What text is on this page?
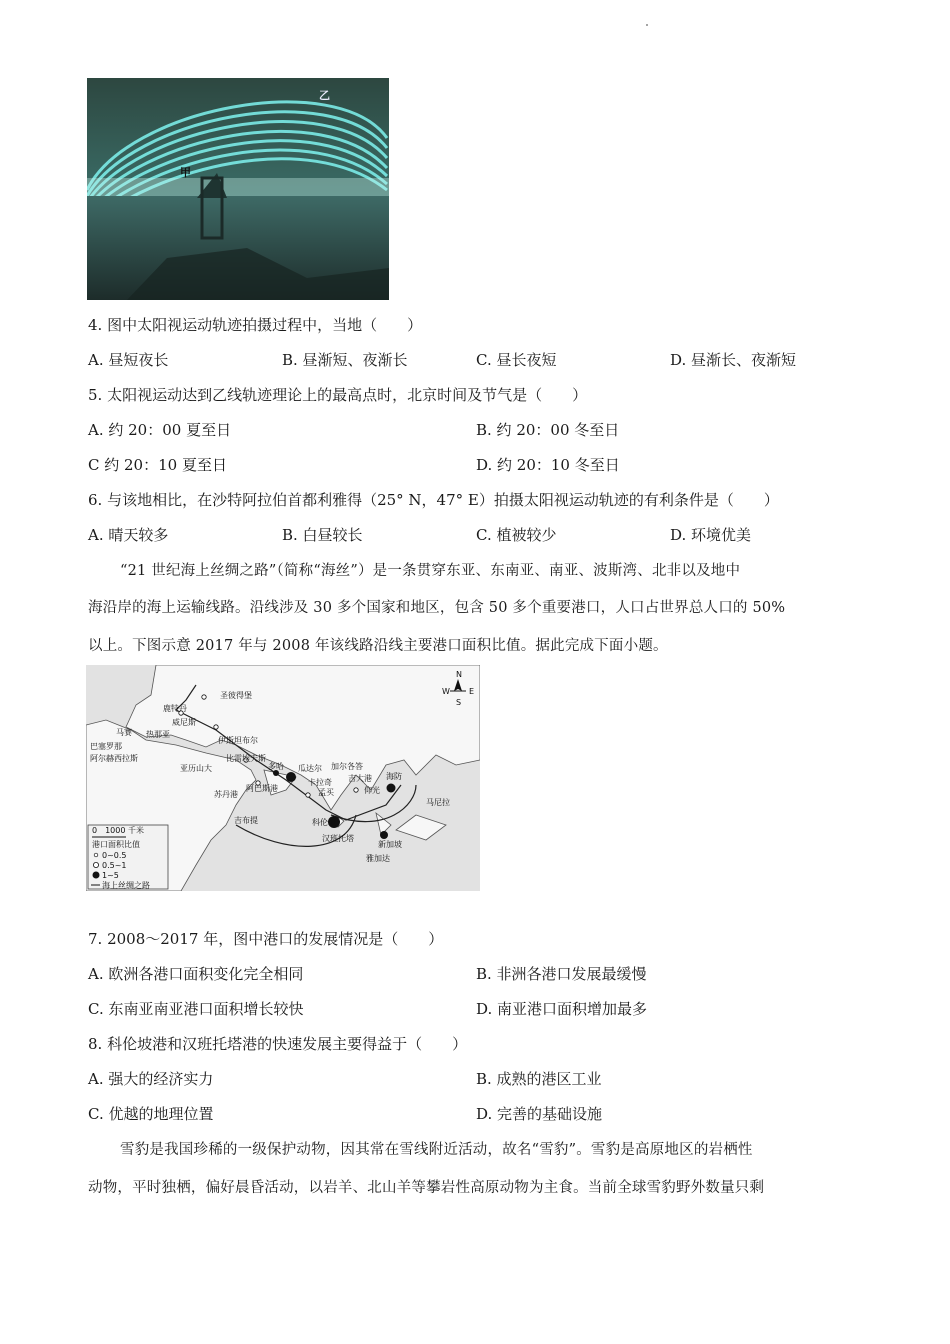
甲
乙
4. 图中太阳视运动轨迹拍摄过程中，当地（　　）
A. 昼短夜长	B. 昼渐短、夜渐长	C. 昼长夜短	D. 昼渐长、夜渐短
5. 太阳视运动达到乙线轨迹理论上的最高点时，北京时间及节气是（　　）
A. 约 20：00 夏至日	B. 约 20：00 冬至日
C 约 20：10 夏至日	D. 约 20：10 冬至日
6. 与该地相比，在沙特阿拉伯首都利雅得（25° N，47° E）拍摄太阳视运动轨迹的有利条件是（　　）
A. 晴天较多	B. 白昼较长	C. 植被较少	D. 环境优美
“21 世纪海上丝绸之路”（简称“海丝”）是一条贯穿东亚、东南亚、南亚、波斯湾、北非以及地中
海沿岸的海上运输线路。沿线涉及 30 多个国家和地区，包含 50 多个重要港口，人口占世界总人口的 50%
以上。下图示意 2017 年与 2008 年该线路沿线主要港口面积比值。据此完成下面小题。
圣彼得堡
鹿特丹
威尼斯
巴塞罗那
伊斯坦布尔
阿尔赫西拉斯
亚历山大
比雷埃夫斯
苏丹港
吉布提
阿巴斯港
多哈 瓜达尔
卡拉奇
孟买
加尔各答
吉大港
科伦坡
仰光
海防
马尼拉
新加坡
雅加达
汉班托塔
热那亚
马赛
N
W E
S
0　1000 千米
港口面积比值
0~0.5
0.5~1
1~5
海上丝绸之路
7. 2008～2017 年，图中港口的发展情况是（　　）
A. 欧洲各港口面积变化完全相同	B. 非洲各港口发展最缓慢
C. 东南亚南亚港口面积增长较快	D. 南亚港口面积增加最多
8. 科伦坡港和汉班托塔港的快速发展主要得益于（　　）
A. 强大的经济实力	B. 成熟的港区工业
C. 优越的地理位置	D. 完善的基础设施
雪豹是我国珍稀的一级保护动物，因其常在雪线附近活动，故名“雪豹”。雪豹是高原地区的岩栖性
动物，平时独栖，偏好晨昏活动，以岩羊、北山羊等攀岩性高原动物为主食。当前全球雪豹野外数量只剩
